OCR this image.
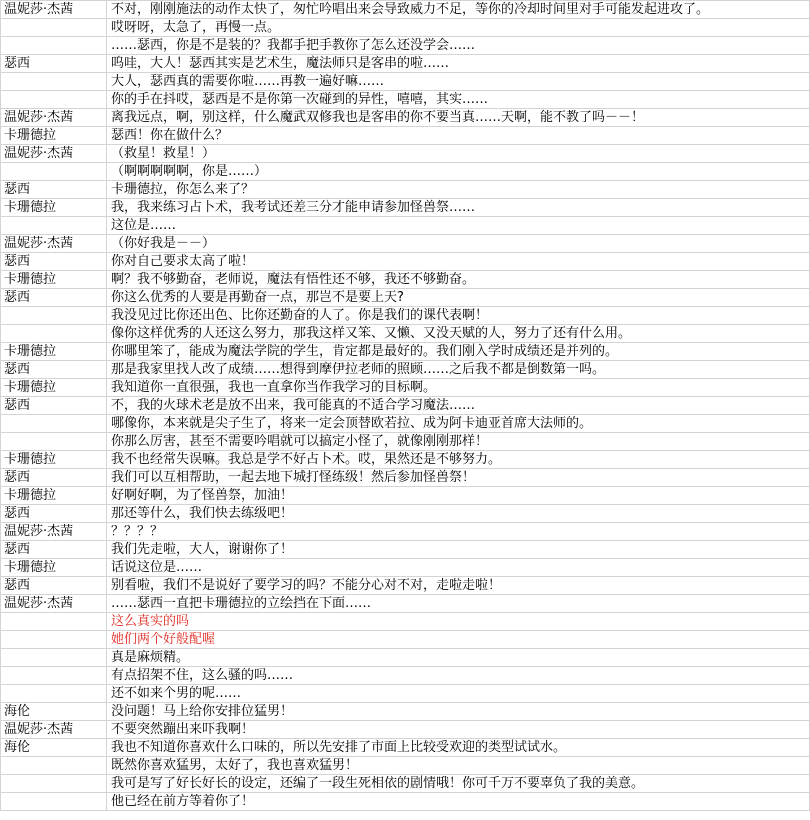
温妮莎·杰茜	不对，刚刚施法的动作太快了，匆忙吟唱出来会导致威力不足，等你的冷却时间里对手可能发起进攻了。
	哎呀呀，太急了，再慢一点。
	……瑟西，你是不是装的？我都手把手教你了怎么还没学会……
瑟西	呜哇，大人！瑟西其实是艺术生，魔法师只是客串的啦……
	大人，瑟西真的需要你啦……再教一遍好嘛……
	你的手在抖哎，瑟西是不是你第一次碰到的异性，嘻嘻，其实……
温妮莎·杰茜	离我远点，啊，别这样，什么魔武双修我也是客串的你不要当真……天啊，能不教了吗－－！
卡珊德拉	瑟西！你在做什么？
温妮莎·杰茜	（救星！救星！）
	（啊啊啊啊啊，你是……）
瑟西	卡珊德拉，你怎么来了？
卡珊德拉	我，我来练习占卜术，我考试还差三分才能申请参加怪兽祭……
	这位是……
温妮莎·杰茜	（你好我是－－）
瑟西	你对自己要求太高了啦！
卡珊德拉	啊？我不够勤奋，老师说，魔法有悟性还不够，我还不够勤奋。
瑟西	你这么优秀的人要是再勤奋一点，那岂不是要上天?
	我没见过比你还出色、比你还勤奋的人了。你是我们的课代表啊！
	像你这样优秀的人还这么努力，那我这样又笨、又懒、又没天赋的人，努力了还有什么用。
卡珊德拉	你哪里笨了，能成为魔法学院的学生，肯定都是最好的。我们刚入学时成绩还是并列的。
瑟西	那是我家里找人改了成绩……想得到摩伊拉老师的照顾……之后我不都是倒数第一吗。
卡珊德拉	我知道你一直很强，我也一直拿你当作我学习的目标啊。
瑟西	不，我的火球术老是放不出来，我可能真的不适合学习魔法……
	哪像你，本来就是尖子生了，将来一定会顶替欧若拉、成为阿卡迪亚首席大法师的。
	你那么厉害，甚至不需要吟唱就可以搞定小怪了，就像刚刚那样！
卡珊德拉	我不也经常失误嘛。我总是学不好占卜术。哎，果然还是不够努力。
瑟西	我们可以互相帮助，一起去地下城打怪练级！然后参加怪兽祭！
卡珊德拉	好啊好啊，为了怪兽祭，加油！
瑟西	那还等什么，我们快去练级吧！
温妮莎·杰茜	？？？？
瑟西	我们先走啦，大人，谢谢你了！
卡珊德拉	话说这位是……
瑟西	别看啦，我们不是说好了要学习的吗？不能分心对不对，走啦走啦！
温妮莎·杰茜	……瑟西一直把卡珊德拉的立绘挡在下面……
	这么真实的吗
	她们两个好般配喔
	真是麻烦精。
	有点招架不住，这么骚的吗……
	还不如来个男的呢……
海伦	没问题！马上给你安排位猛男！
温妮莎·杰茜	不要突然蹦出来吓我啊！
海伦	我也不知道你喜欢什么口味的，所以先安排了市面上比较受欢迎的类型试试水。
	既然你喜欢猛男，太好了，我也喜欢猛男！
	我可是写了好长好长的设定，还编了一段生死相依的剧情哦！你可千万不要辜负了我的美意。
	他已经在前方等着你了！
